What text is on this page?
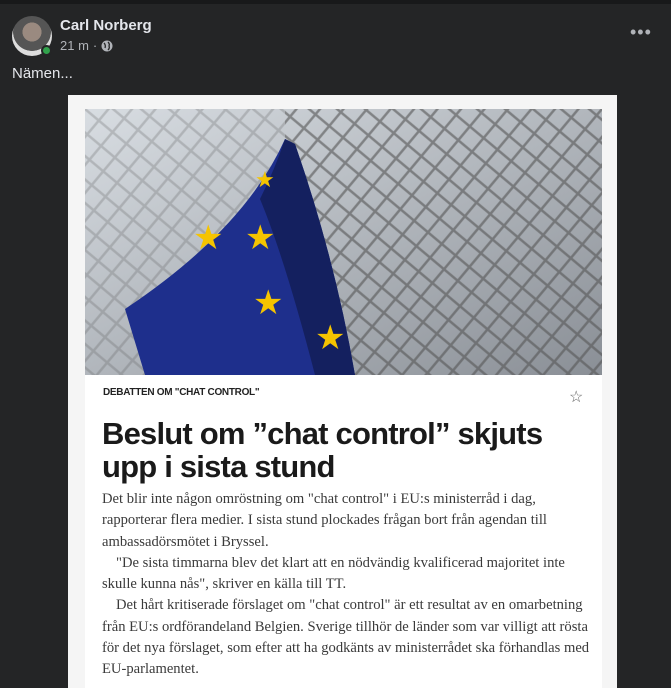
Carl Norberg
21 m ·
•••
Nämen...
★
★
★
★
★
DEBATTEN OM "CHAT CONTROL"	☆
Beslut om ”chat control” skjuts upp i sista stund

Det blir inte någon omröstning om "chat control" i EU:s ministerråd i dag, rapporterar flera medier. I sista stund plockades frågan bort från agendan till ambassadörsmötet i Bryssel.

"De sista timmarna blev det klart att en nödvändig kvalificerad majoritet inte skulle kunna nås", skriver en källa till TT.

Det hårt kritiserade förslaget om "chat control" är ett resultat av en omarbetning från EU:s ordförandeland Belgien. Sverige tillhör de länder som var villigt att rösta för det nya förslaget, som efter att ha godkänts av ministerrådet ska förhandlas med EU-parlamentet.
